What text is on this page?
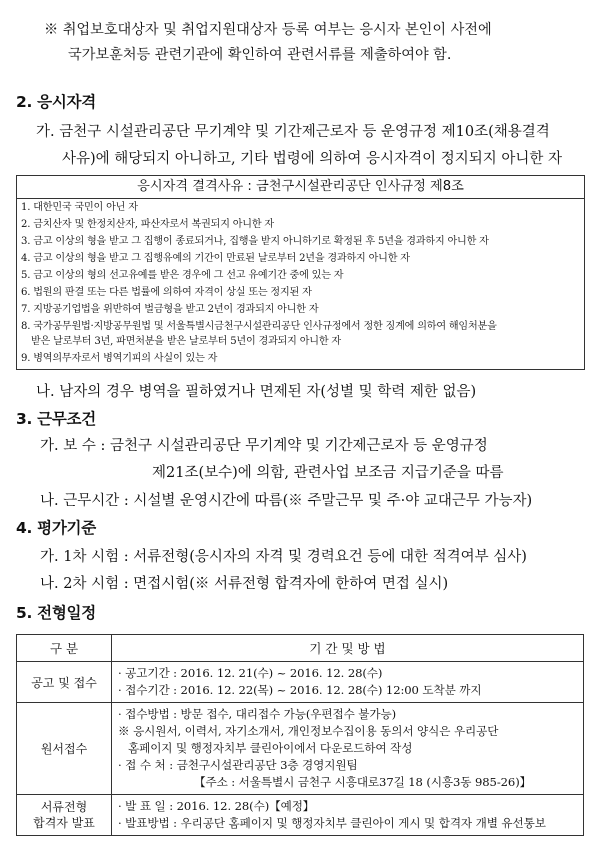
※ 취업보호대상자 및 취업지원대상자 등록 여부는 응시자 본인이 사전에
국가보훈처등 관련기관에 확인하여 관련서류를 제출하여야 함.
2. 응시자격
가. 금천구 시설관리공단 무기계약 및 기간제근로자 등 운영규정 제10조(채용결격
사유)에 해당되지 아니하고, 기타 법령에 의하여 응시자격이 정지되지 아니한 자
응시자격 결격사유 : 금천구시설관리공단 인사규정 제8조
1. 대한민국 국민이 아닌 자
2. 금치산자 및 한정치산자, 파산자로서 복권되지 아니한 자
3. 금고 이상의 형을 받고 그 집행이 종료되거나, 집행을 받지 아니하기로 확정된 후 5년을 경과하지 아니한 자
4. 금고 이상의 형을 받고 그 집행유예의 기간이 만료된 날로부터 2년을 경과하지 아니한 자
5. 금고 이상의 형의 선고유예를 받은 경우에 그 선고 유예기간 중에 있는 자
6. 법원의 판결 또는 다른 법률에 의하여 자격이 상실 또는 정지된 자
7. 지방공기업법을 위반하여 벌금형을 받고 2년이 경과되지 아니한 자
8. 국가공무원법·지방공무원법 및 서울특별시금천구시설관리공단 인사규정에서 정한 징계에 의하여 해임처분을
받은 날로부터 3년, 파면처분을 받은 날로부터 5년이 경과되지 아니한 자
9. 병역의무자로서 병역기피의 사실이 있는 자
나. 남자의 경우 병역을 필하였거나 면제된 자(성별 및 학력 제한 없음)
3. 근무조건
가. 보 수 : 금천구 시설관리공단 무기계약 및 기간제근로자 등 운영규정
제21조(보수)에 의함, 관련사업 보조금 지급기준을 따름
나. 근무시간 : 시설별 운영시간에 따름(※ 주말근무 및 주·야 교대근무 가능자)
4. 평가기준
가. 1차 시험 : 서류전형(응시자의 자격 및 경력요건 등에 대한 적격여부 심사)
나. 2차 시험 : 면접시험(※ 서류전형 합격자에 한하여 면접 실시)
5. 전형일정
구 분	기 간 및 방 법
공고 및 접수	· 공고기간 : 2016. 12. 21(수) ~ 2016. 12. 28(수)
· 접수기간 : 2016. 12. 22(목) ~ 2016. 12. 28(수) 12:00 도착분 까지

원서접수	· 접수방법 : 방문 접수, 대리접수 가능(우편접수 불가능)
※ 응시원서, 이력서, 자기소개서, 개인정보수집이용 동의서 양식은 우리공단
홈페이지 및 행정자치부 클린아이에서 다운로드하여 작성
· 접 수 처 : 금천구시설관리공단 3층 경영지원팀
【주소 : 서울특별시 금천구 시흥대로37길 18 (시흥3동 985-26)】

서류전형
합격자 발표	· 발 표 일 : 2016. 12. 28(수)【예정】
· 발표방법 : 우리공단 홈페이지 및 행정자치부 클린아이 게시 및 합격자 개별 유선통보
